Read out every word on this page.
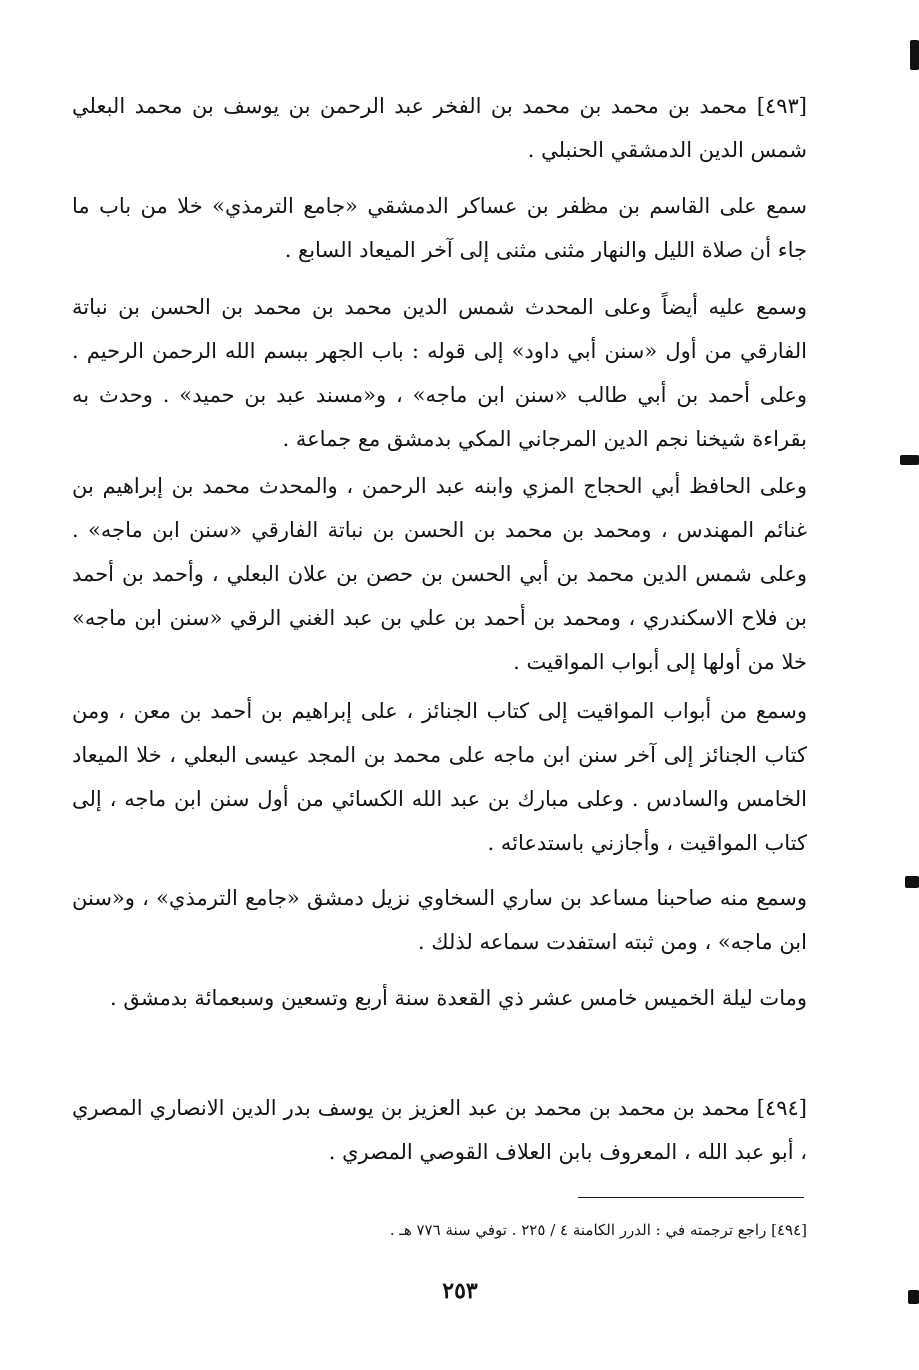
[٤٩٣] محمد بن محمد بن محمد بن الفخر عبد الرحمن بن يوسف بن محمد البعلي شمس الدين الدمشقي الحنبلي .

سمع على القاسم بن مظفر بن عساكر الدمشقي «جامع الترمذي» خلا من باب ما جاء أن صلاة الليل والنهار مثنى مثنى إلى آخر الميعاد السابع .

وسمع عليه أيضاً وعلى المحدث شمس الدين محمد بن محمد بن الحسن بن نباتة الفارقي من أول «سنن أبي داود» إلى قوله : باب الجهر ببسم الله الرحمن الرحيم . وعلى أحمد بن أبي طالب «سنن ابن ماجه» ، و«مسند عبد بن حميد» . وحدث به بقراءة شيخنا نجم الدين المرجاني المكي بدمشق مع جماعة .

وعلى الحافظ أبي الحجاج المزي وابنه عبد الرحمن ، والمحدث محمد بن إبراهيم بن غنائم المهندس ، ومحمد بن محمد بن الحسن بن نباتة الفارقي «سنن ابن ماجه» . وعلى شمس الدين محمد بن أبي الحسن بن حصن بن علان البعلي ، وأحمد بن أحمد بن فلاح الاسكندري ، ومحمد بن أحمد بن علي بن عبد الغني الرقي «سنن ابن ماجه» خلا من أولها إلى أبواب المواقيت .

وسمع من أبواب المواقيت إلى كتاب الجنائز ، على إبراهيم بن أحمد بن معن ، ومن كتاب الجنائز إلى آخر سنن ابن ماجه على محمد بن المجد عيسى البعلي ، خلا الميعاد الخامس والسادس . وعلى مبارك بن عبد الله الكسائي من أول سنن ابن ماجه ، إلى كتاب المواقيت ، وأجازني باستدعائه .

وسمع منه صاحبنا مساعد بن ساري السخاوي نزيل دمشق «جامع الترمذي» ، و«سنن ابن ماجه» ، ومن ثبته استفدت سماعه لذلك .

ومات ليلة الخميس خامس عشر ذي القعدة سنة أربع وتسعين وسبعمائة بدمشق .

[٤٩٤] محمد بن محمد بن محمد بن عبد العزيز بن يوسف بدر الدين الانصاري المصري ، أبو عبد الله ، المعروف بابن العلاف القوصي المصري .

[٤٩٤] راجع ترجمته في : الدرر الكامنة ٤ / ٢٢٥ . توفي سنة ٧٧٦ هـ .
٢٥٣
